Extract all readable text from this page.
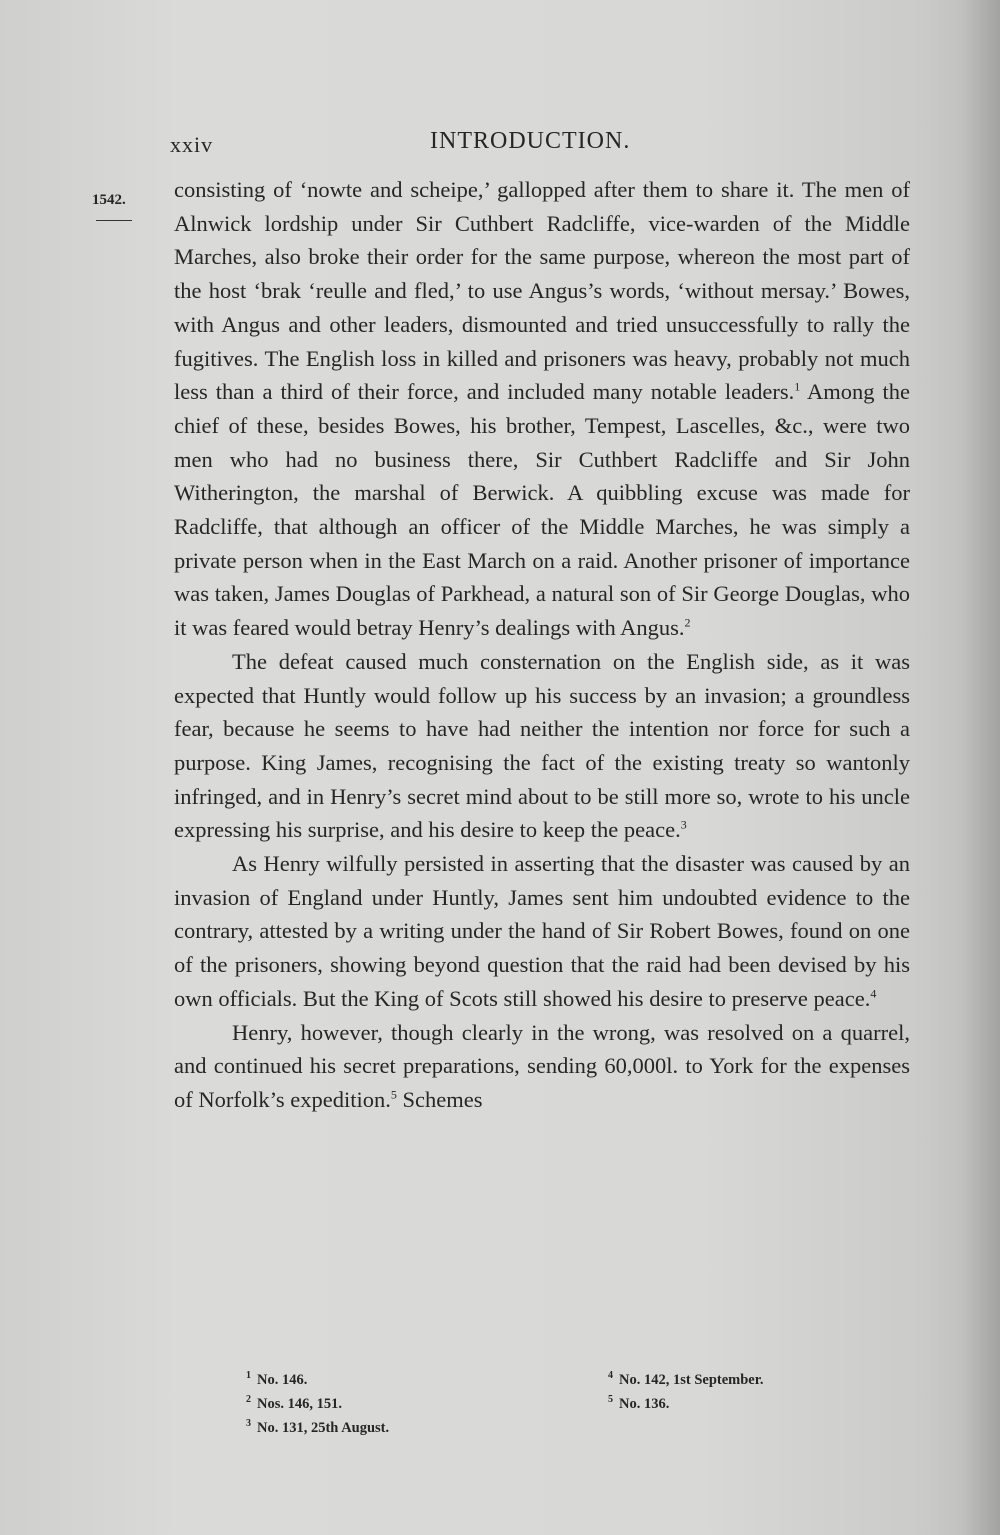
xxiv	INTRODUCTION.
1542. consisting of ‘nowte and scheipe,’ gallopped after them to share it. The men of Alnwick lordship under Sir Cuthbert Radcliffe, vice-warden of the Middle Marches, also broke their order for the same purpose, whereon the most part of the host ‘brak ‘reulle and fled,’ to use Angus’s words, ‘without mersay.’ Bowes, with Angus and other leaders, dismounted and tried unsuccessfully to rally the fugitives. The English loss in killed and prisoners was heavy, probably not much less than a third of their force, and included many notable leaders.$^1$ Among the chief of these, besides Bowes, his brother, Tempest, Lascelles, &c., were two men who had no business there, Sir Cuthbert Radcliffe and Sir John Witherington, the marshal of Berwick. A quibbling excuse was made for Radcliffe, that although an officer of the Middle Marches, he was simply a private person when in the East March on a raid. Another prisoner of importance was taken, James Douglas of Parkhead, a natural son of Sir George Douglas, who it was feared would betray Henry’s dealings with Angus.$^2$

The defeat caused much consternation on the English side, as it was expected that Huntly would follow up his success by an invasion; a groundless fear, because he seems to have had neither the intention nor force for such a purpose. King James, recognising the fact of the existing treaty so wantonly infringed, and in Henry’s secret mind about to be still more so, wrote to his uncle expressing his surprise, and his desire to keep the peace.$^3$

As Henry wilfully persisted in asserting that the disaster was caused by an invasion of England under Huntly, James sent him undoubted evidence to the contrary, attested by a writing under the hand of Sir Robert Bowes, found on one of the prisoners, showing beyond question that the raid had been devised by his own officials. But the King of Scots still showed his desire to preserve peace.$^4$

Henry, however, though clearly in the wrong, was resolved on a quarrel, and continued his secret preparations, sending 60,000l. to York for the expenses of Norfolk’s expedition.$^5$ Schemes

$^1$ No. 146.
$^2$ Nos. 146, 151.
$^3$ No. 131, 25th August.
$^4$ No. 142, 1st September.
$^5$ No. 136.
